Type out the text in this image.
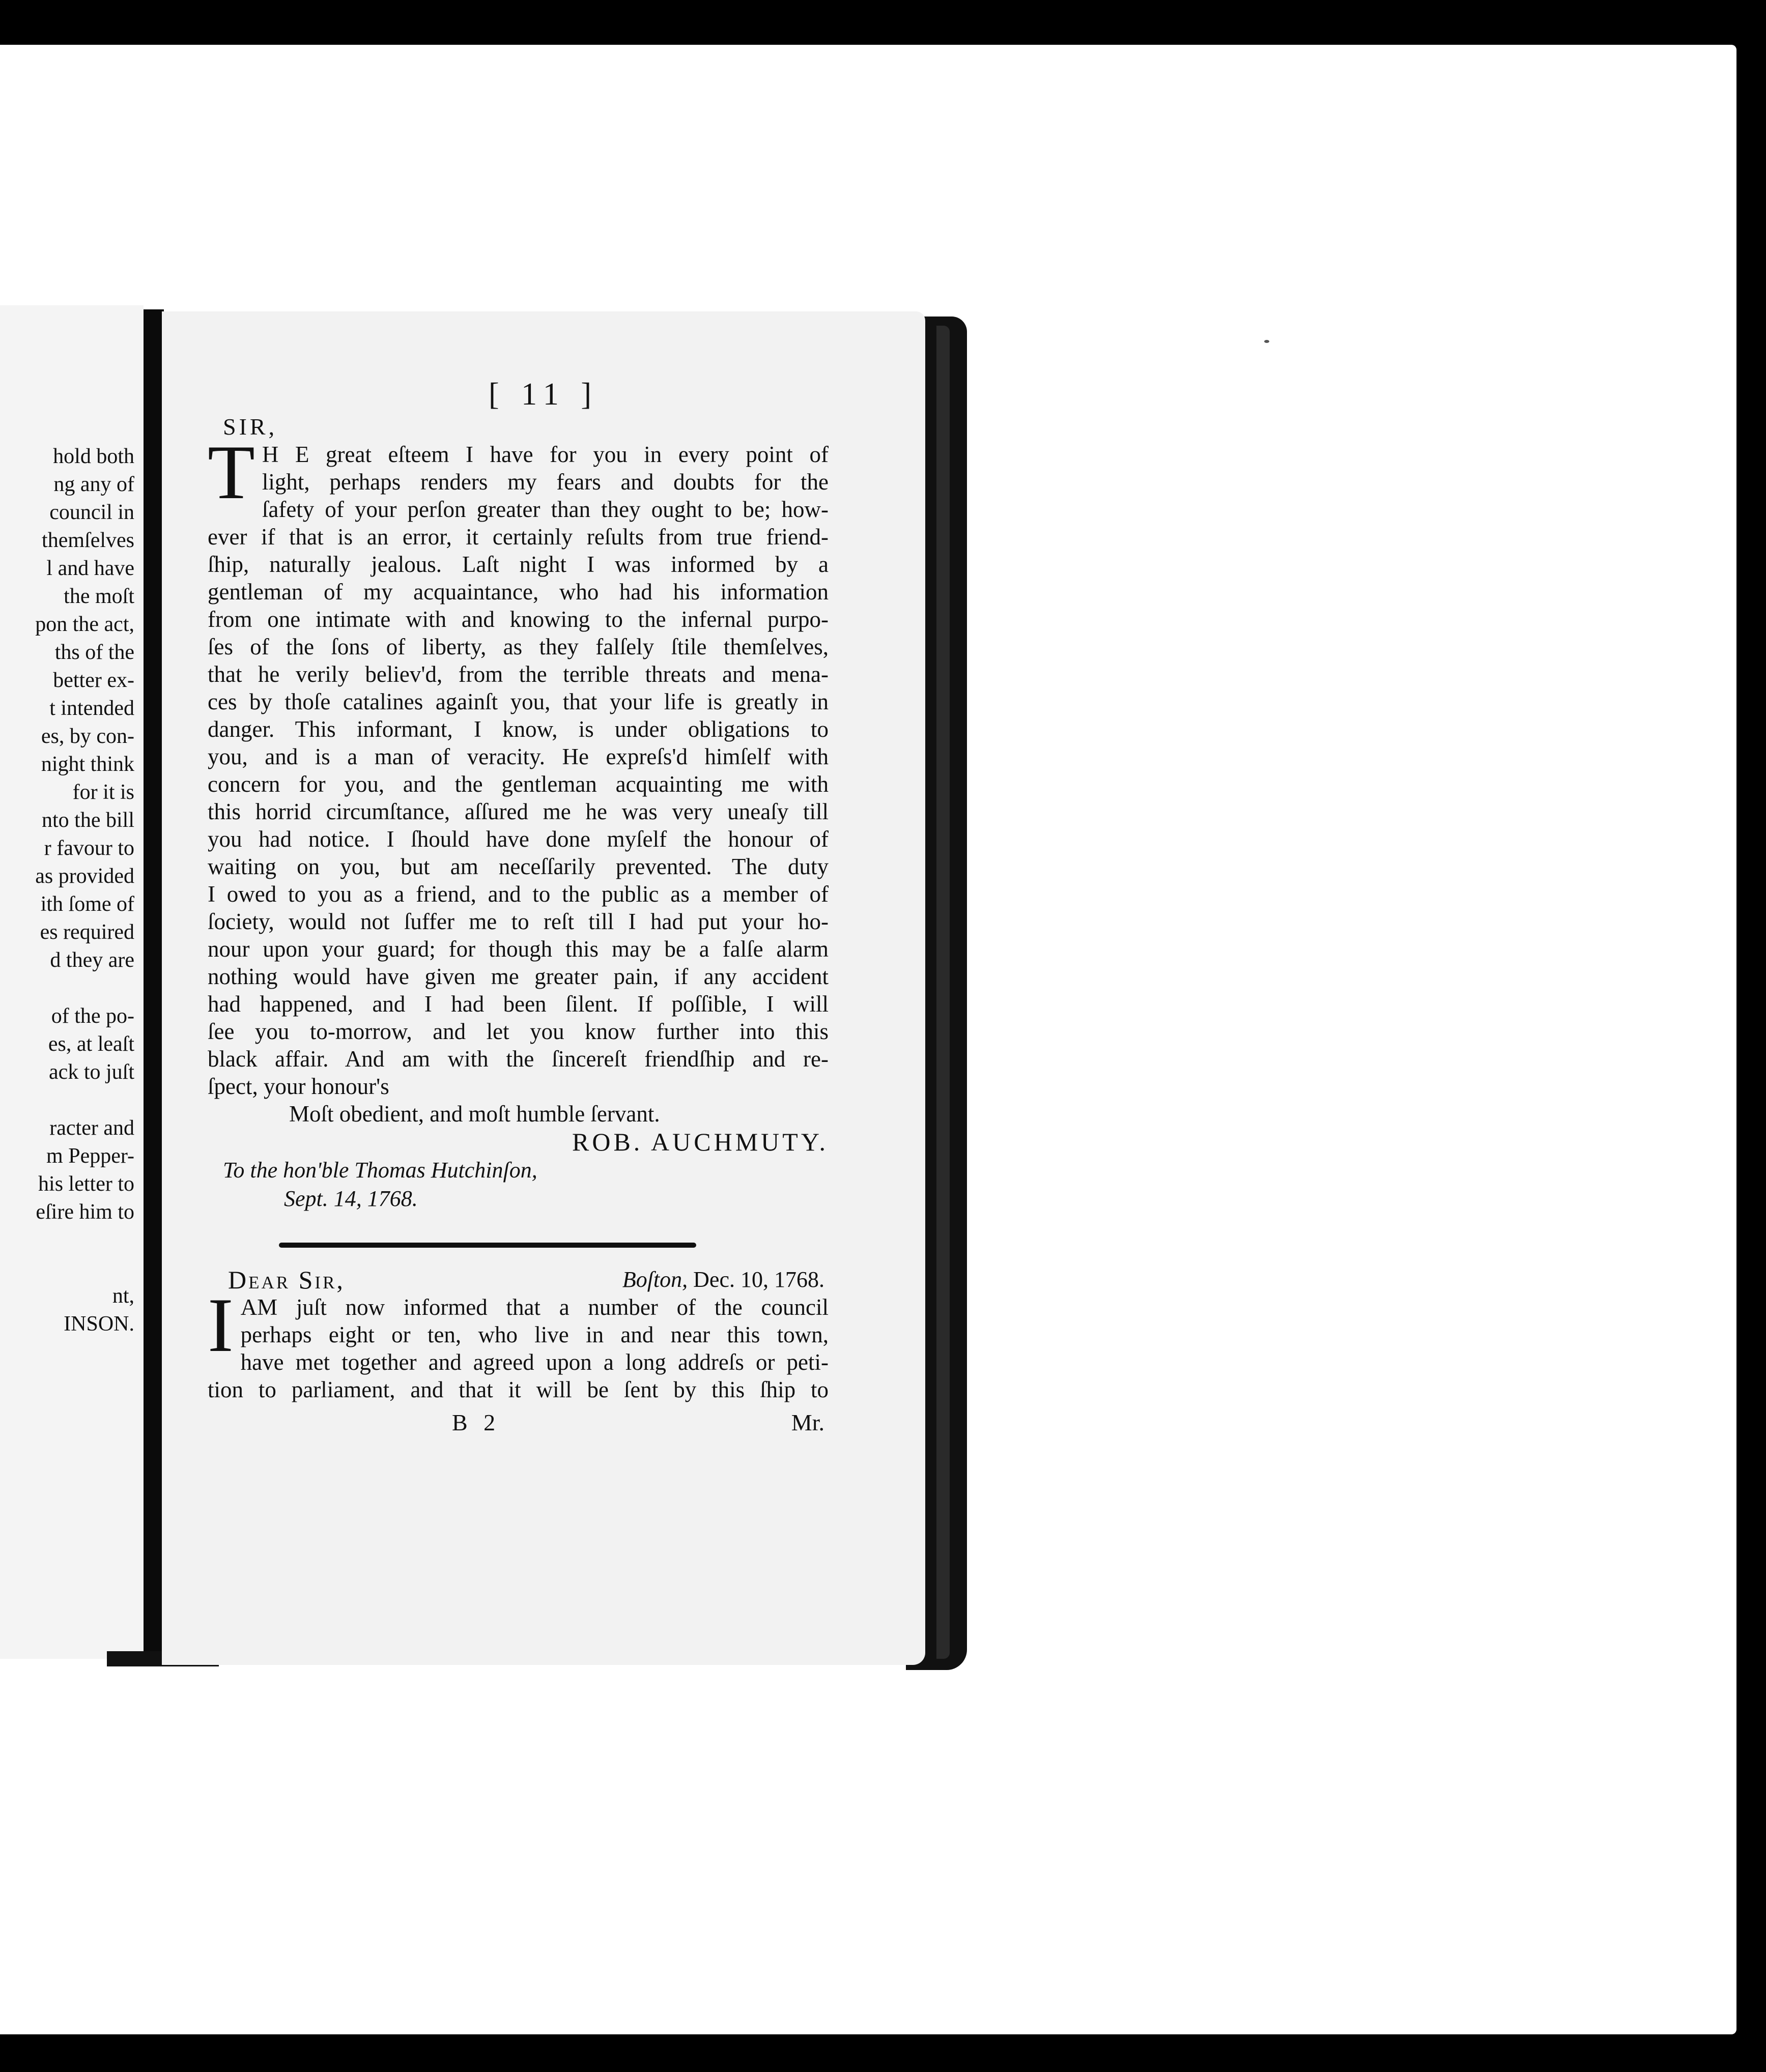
hold both
ng any of
council in
themſelves
l and have
the moſt
pon the act,
ths of the
better ex-
t intended
es, by con-
night think
for it is
nto the bill
r favour to
as provided
ith ſome of
es required
d they are
of the po-
es, at leaſt
ack to juſt
racter and
m Pepper-
his letter to
eſire him to
nt,
INSON.
[ 11 ]
SIR,
T H E great eſteem I have for you in every point of
light, perhaps renders my fears and doubts for the
ſafety of your perſon greater than they ought to be; how-
ever if that is an error, it certainly reſults from true friend-
ſhip, naturally jealous. Laſt night I was informed by a
gentleman of my acquaintance, who had his information
from one intimate with and knowing to the infernal purpo-
ſes of the ſons of liberty, as they falſely ſtile themſelves,
that he verily believ'd, from the terrible threats and mena-
ces by thoſe catalines againſt you, that your life is greatly in
danger. This informant, I know, is under obligations to
you, and is a man of veracity. He expreſs'd himſelf with
concern for you, and the gentleman acquainting me with
this horrid circumſtance, aſſured me he was very uneaſy till
you had notice. I ſhould have done myſelf the honour of
waiting on you, but am neceſſarily prevented. The duty
I owed to you as a friend, and to the public as a member of
ſociety, would not ſuffer me to reſt till I had put your ho-
nour upon your guard; for though this may be a falſe alarm
nothing would have given me greater pain, if any accident
had happened, and I had been ſilent. If poſſible, I will
ſee you to-morrow, and let you know further into this
black affair. And am with the ſincereſt friendſhip and re-
ſpect, your honour's
Moſt obedient, and moſt humble ſervant.
ROB. AUCHMUTY.
To the hon'ble Thomas Hutchinſon,
Sept. 14, 1768.
Dear Sir,	Boſton, Dec. 10, 1768.
I AM juſt now informed that a number of the council
perhaps eight or ten, who live in and near this town,
have met together and agreed upon a long addreſs or peti-
tion to parliament, and that it will be ſent by this ſhip to
B 2	Mr.
